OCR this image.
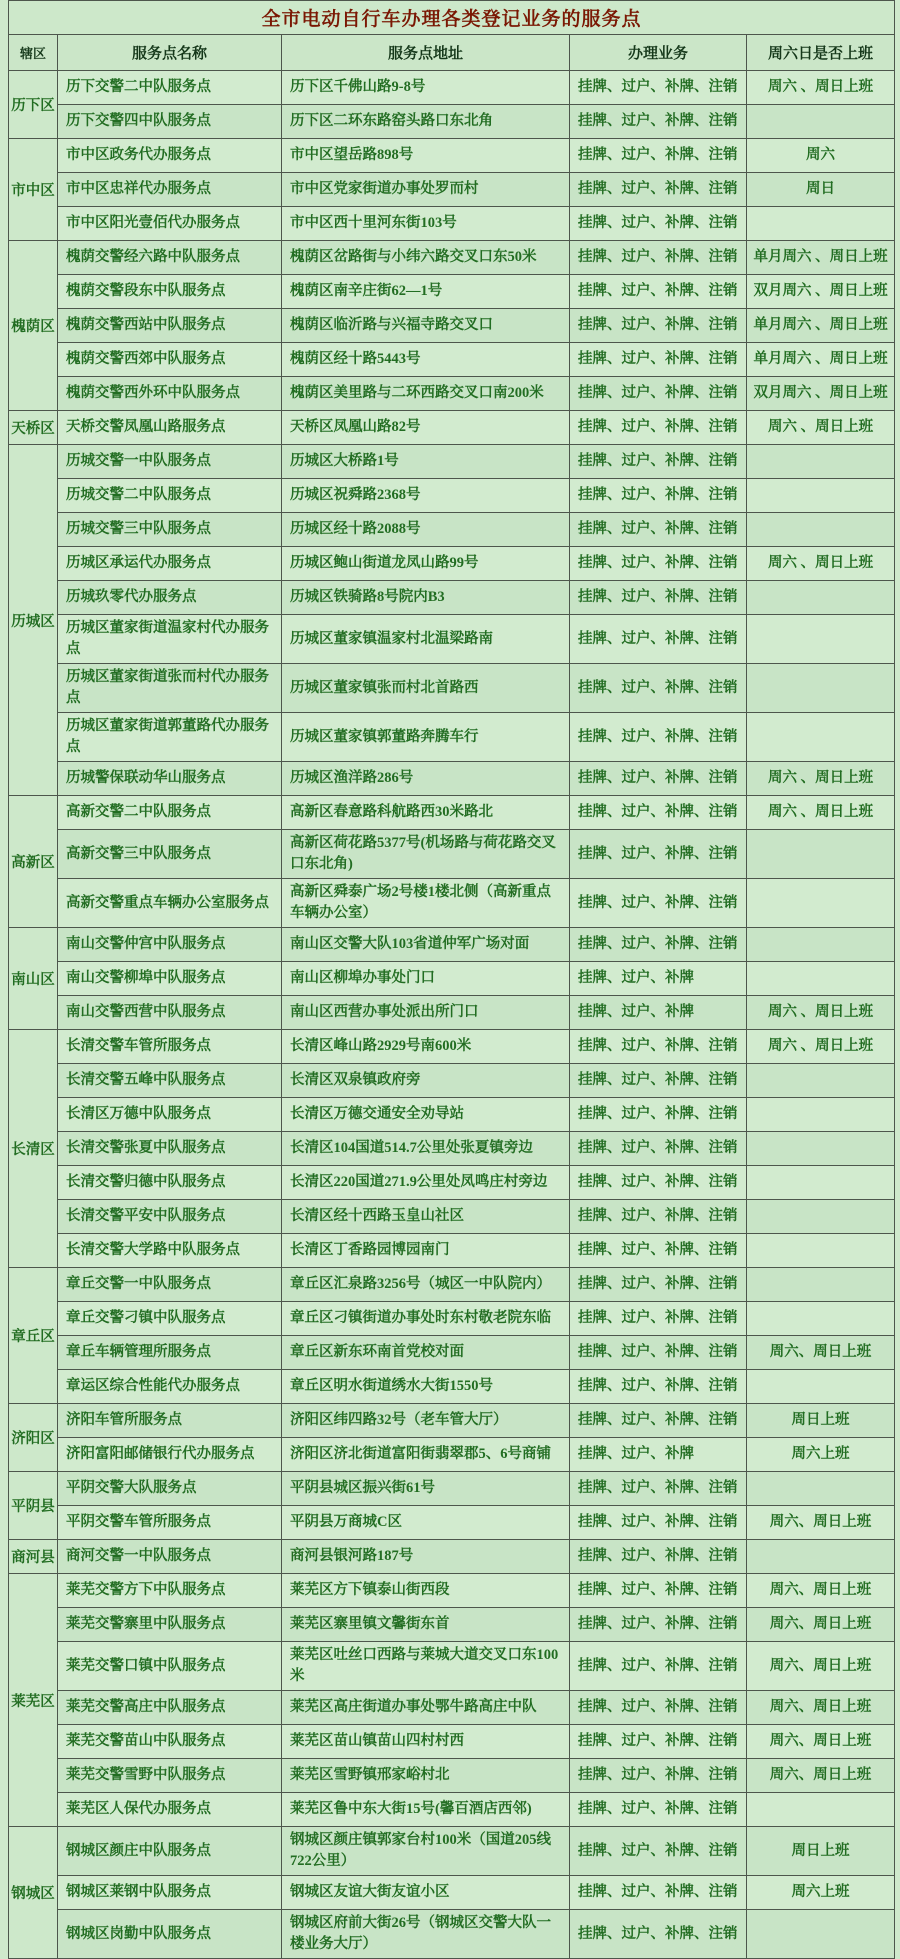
全市电动自行车办理各类登记业务的服务点				
辖区	服务点名称	服务点地址	办理业务	周六日是否上班
历下区	历下交警二中队服务点	历下区千佛山路9-8号	挂牌、过户、补牌、注销	周六 、周日上班
	历下交警四中队服务点	历下区二环东路窑头路口东北角	挂牌、过户、补牌、注销	
市中区	市中区政务代办服务点	市中区望岳路898号	挂牌、过户、补牌、注销	周六
	市中区忠祥代办服务点	市中区党家街道办事处罗而村	挂牌、过户、补牌、注销	周日
	市中区阳光壹佰代办服务点	市中区西十里河东街103号	挂牌、过户、补牌、注销	
槐荫区	槐荫交警经六路中队服务点	槐荫区岔路街与小纬六路交叉口东50米	挂牌、过户、补牌、注销	单月周六 、周日上班
	槐荫交警段东中队服务点	槐荫区南辛庄街62—1号	挂牌、过户、补牌、注销	双月周六 、周日上班
	槐荫交警西站中队服务点	槐荫区临沂路与兴福寺路交叉口	挂牌、过户、补牌、注销	单月周六 、周日上班
	槐荫交警西郊中队服务点	槐荫区经十路5443号	挂牌、过户、补牌、注销	单月周六 、周日上班
	槐荫交警西外环中队服务点	槐荫区美里路与二环西路交叉口南200米	挂牌、过户、补牌、注销	双月周六 、周日上班
天桥区	天桥交警凤凰山路服务点	天桥区凤凰山路82号	挂牌、过户、补牌、注销	周六 、周日上班
历城区	历城交警一中队服务点	历城区大桥路1号	挂牌、过户、补牌、注销	
	历城交警二中队服务点	历城区祝舜路2368号	挂牌、过户、补牌、注销	
	历城交警三中队服务点	历城区经十路2088号	挂牌、过户、补牌、注销	
	历城区承运代办服务点	历城区鲍山街道龙凤山路99号	挂牌、过户、补牌、注销	周六 、周日上班
	历城玖零代办服务点	历城区铁骑路8号院内B3	挂牌、过户、补牌、注销	
	历城区董家街道温家村代办服务点	历城区董家镇温家村北温梁路南	挂牌、过户、补牌、注销	
	历城区董家街道张而村代办服务点	历城区董家镇张而村北首路西	挂牌、过户、补牌、注销	
	历城区董家街道郭董路代办服务点	历城区董家镇郭董路奔腾车行	挂牌、过户、补牌、注销	
	历城警保联动华山服务点	历城区渔洋路286号	挂牌、过户、补牌、注销	周六 、周日上班
高新区	高新交警二中队服务点	高新区春意路科航路西30米路北	挂牌、过户、补牌、注销	周六 、周日上班
	高新交警三中队服务点	高新区荷花路5377号(机场路与荷花路交叉口东北角)	挂牌、过户、补牌、注销	
	高新交警重点车辆办公室服务点	高新区舜泰广场2号楼1楼北侧（高新重点车辆办公室）	挂牌、过户、补牌、注销	
南山区	南山交警仲宫中队服务点	南山区交警大队103省道仲军广场对面	挂牌、过户、补牌、注销	
	南山交警柳埠中队服务点	南山区柳埠办事处门口	挂牌、过户、补牌	
	南山交警西营中队服务点	南山区西营办事处派出所门口	挂牌、过户、补牌	周六 、周日上班
长清区	长清交警车管所服务点	长清区峰山路2929号南600米	挂牌、过户、补牌、注销	周六 、周日上班
	长清交警五峰中队服务点	长清区双泉镇政府旁	挂牌、过户、补牌、注销	
	长清区万德中队服务点	长清区万德交通安全劝导站	挂牌、过户、补牌、注销	
	长清交警张夏中队服务点	长清区104国道514.7公里处张夏镇旁边	挂牌、过户、补牌、注销	
	长清交警归德中队服务点	长清区220国道271.9公里处凤鸣庄村旁边	挂牌、过户、补牌、注销	
	长清交警平安中队服务点	长清区经十西路玉皇山社区	挂牌、过户、补牌、注销	
	长清交警大学路中队服务点	长清区丁香路园博园南门	挂牌、过户、补牌、注销	
章丘区	章丘交警一中队服务点	章丘区汇泉路3256号（城区一中队院内）	挂牌、过户、补牌、注销	
	章丘交警刁镇中队服务点	章丘区刁镇街道办事处时东村敬老院东临	挂牌、过户、补牌、注销	
	章丘车辆管理所服务点	章丘区新东环南首党校对面	挂牌、过户、补牌、注销	周六、周日上班
	章运区综合性能代办服务点	章丘区明水街道绣水大街1550号	挂牌、过户、补牌、注销	
济阳区	济阳车管所服务点	济阳区纬四路32号（老车管大厅）	挂牌、过户、补牌、注销	周日上班
	济阳富阳邮储银行代办服务点	济阳区济北街道富阳街翡翠郡5、6号商铺	挂牌、过户、补牌	周六上班
平阴县	平阴交警大队服务点	平阴县城区振兴街61号	挂牌、过户、补牌、注销	
	平阴交警车管所服务点	平阴县万商城C区	挂牌、过户、补牌、注销	周六、周日上班
商河县	商河交警一中队服务点	商河县银河路187号	挂牌、过户、补牌、注销	
莱芜区	莱芜交警方下中队服务点	莱芜区方下镇泰山街西段	挂牌、过户、补牌、注销	周六、周日上班
	莱芜交警寨里中队服务点	莱芜区寨里镇文馨街东首	挂牌、过户、补牌、注销	周六、周日上班
	莱芜交警口镇中队服务点	莱芜区吐丝口西路与莱城大道交叉口东100米	挂牌、过户、补牌、注销	周六、周日上班
	莱芜交警高庄中队服务点	莱芜区高庄街道办事处鄂牛路高庄中队	挂牌、过户、补牌、注销	周六、周日上班
	莱芜交警苗山中队服务点	莱芜区苗山镇苗山四村村西	挂牌、过户、补牌、注销	周六、周日上班
	莱芜交警雪野中队服务点	莱芜区雪野镇邢家峪村北	挂牌、过户、补牌、注销	周六、周日上班
	莱芜区人保代办服务点	莱芜区鲁中东大街15号(馨百酒店西邻)	挂牌、过户、补牌、注销	
钢城区	钢城区颜庄中队服务点	钢城区颜庄镇郭家台村100米（国道205线722公里）	挂牌、过户、补牌、注销	周日上班
	钢城区莱钢中队服务点	钢城区友谊大街友谊小区	挂牌、过户、补牌、注销	周六上班
	钢城区岗勤中队服务点	钢城区府前大街26号（钢城区交警大队一楼业务大厅）	挂牌、过户、补牌、注销	
